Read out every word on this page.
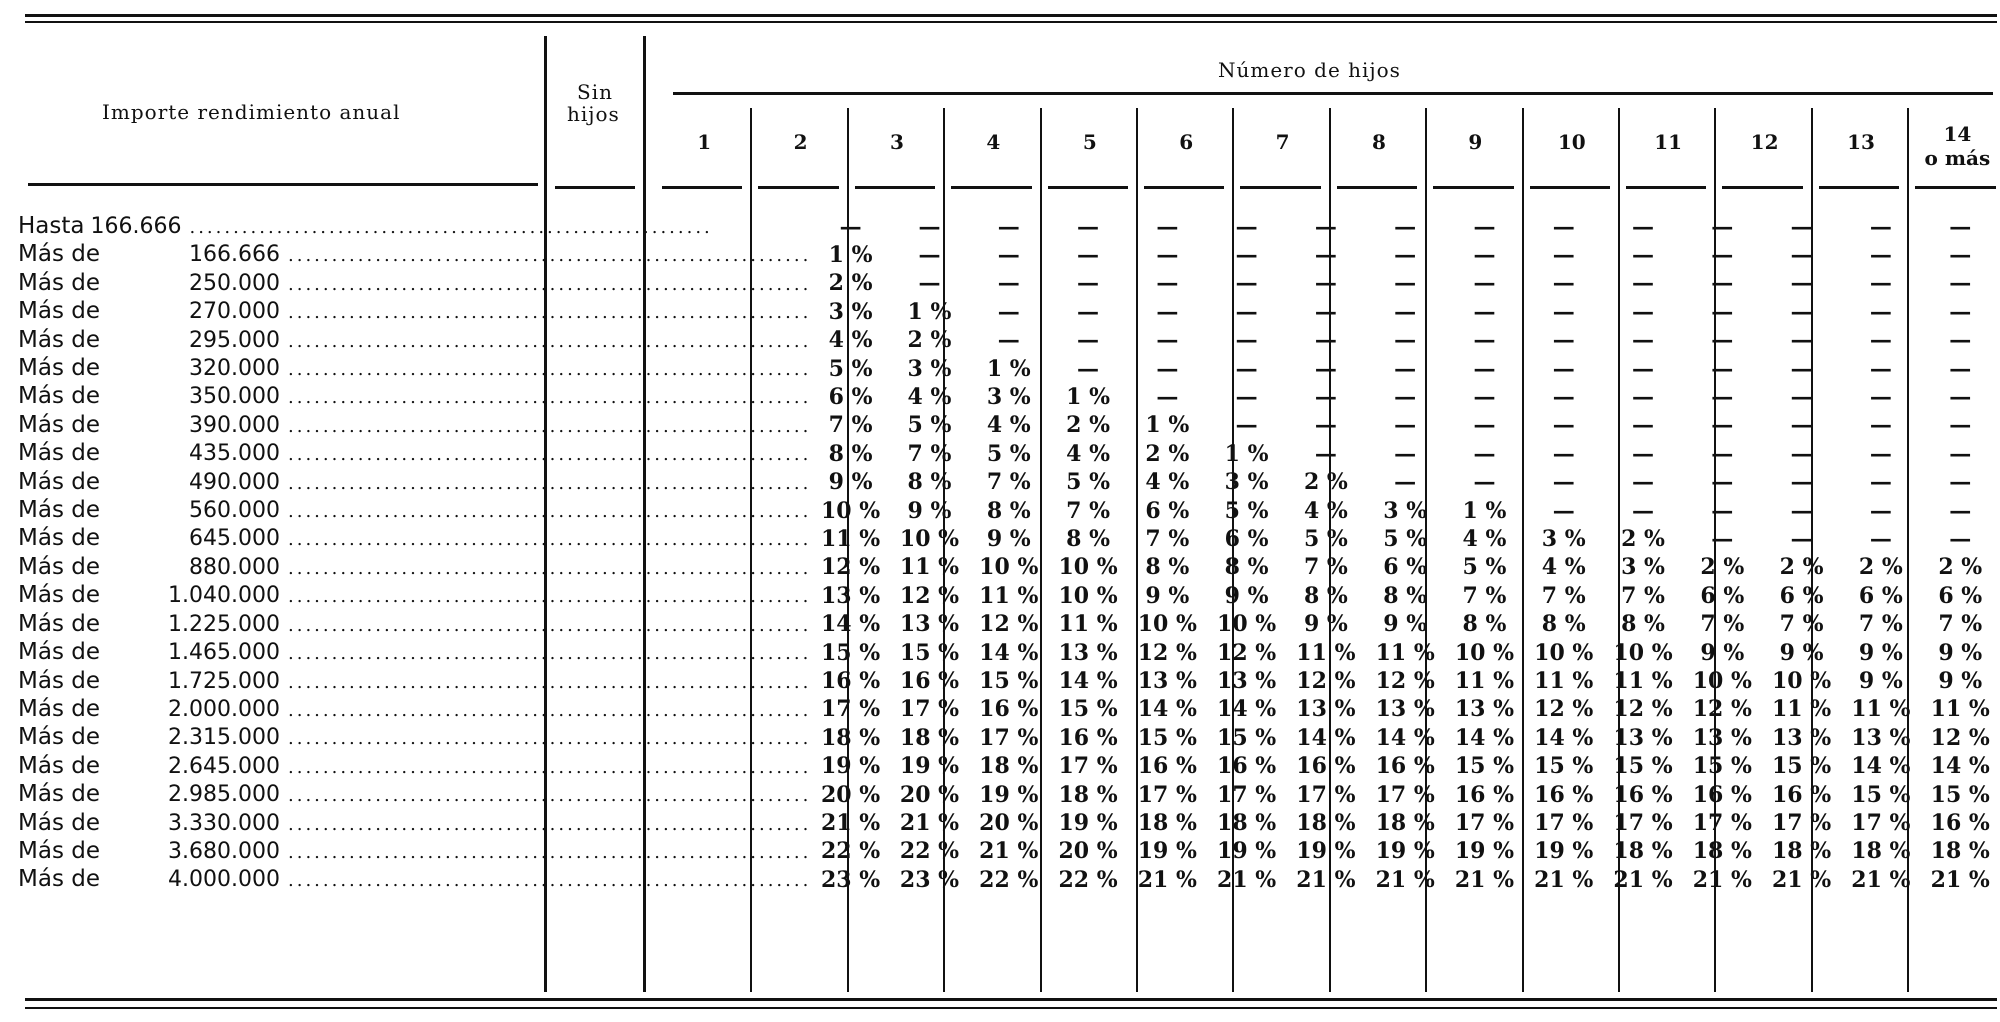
Importe rendimiento anual
Sin
hijos
Número de hijos
1	2	3	4	5	6	7	8	9	10	11	12	13	14
o más
Hasta 166.666 ............................................................	—	—	—	—	—	—	—	—	—	—	—	—	—	—	—

Más de 166.666 ............................................................	1 %	—	—	—	—	—	—	—	—	—	—	—	—	—	—

Más de 250.000 ............................................................	2 %	—	—	—	—	—	—	—	—	—	—	—	—	—	—

Más de 270.000 ............................................................	3 %	1 %	—	—	—	—	—	—	—	—	—	—	—	—	—

Más de 295.000 ............................................................	4 %	2 %	—	—	—	—	—	—	—	—	—	—	—	—	—

Más de 320.000 ............................................................	5 %	3 %	1 %	—	—	—	—	—	—	—	—	—	—	—	—

Más de 350.000 ............................................................	6 %	4 %	3 %	1 %	—	—	—	—	—	—	—	—	—	—	—

Más de 390.000 ............................................................	7 %	5 %	4 %	2 %	1 %	—	—	—	—	—	—	—	—	—	—

Más de 435.000 ............................................................	8 %	7 %	5 %	4 %	2 %	1 %	—	—	—	—	—	—	—	—	—

Más de 490.000 ............................................................	9 %	8 %	7 %	5 %	4 %	3 %	2 %	—	—	—	—	—	—	—	—

Más de 560.000 ............................................................	10 %	9 %	8 %	7 %	6 %	5 %	4 %	3 %	1 %	—	—	—	—	—	—

Más de 645.000 ............................................................	11 %	10 %	9 %	8 %	7 %	6 %	5 %	5 %	4 %	3 %	2 %	—	—	—	—

Más de 880.000 ............................................................	12 %	11 %	10 %	10 %	8 %	8 %	7 %	6 %	5 %	4 %	3 %	2 %	2 %	2 %	2 %

Más de 1.040.000 ............................................................	13 %	12 %	11 %	10 %	9 %	9 %	8 %	8 %	7 %	7 %	7 %	6 %	6 %	6 %	6 %

Más de 1.225.000 ............................................................	14 %	13 %	12 %	11 %	10 %	10 %	9 %	9 %	8 %	8 %	8 %	7 %	7 %	7 %	7 %

Más de 1.465.000 ............................................................	15 %	15 %	14 %	13 %	12 %	12 %	11 %	11 %	10 %	10 %	10 %	9 %	9 %	9 %	9 %

Más de 1.725.000 ............................................................	16 %	16 %	15 %	14 %	13 %	13 %	12 %	12 %	11 %	11 %	11 %	10 %	10 %	9 %	9 %

Más de 2.000.000 ............................................................	17 %	17 %	16 %	15 %	14 %	14 %	13 %	13 %	13 %	12 %	12 %	12 %	11 %	11 %	11 %

Más de 2.315.000 ............................................................	18 %	18 %	17 %	16 %	15 %	15 %	14 %	14 %	14 %	14 %	13 %	13 %	13 %	13 %	12 %

Más de 2.645.000 ............................................................	19 %	19 %	18 %	17 %	16 %	16 %	16 %	16 %	15 %	15 %	15 %	15 %	15 %	14 %	14 %

Más de 2.985.000 ............................................................	20 %	20 %	19 %	18 %	17 %	17 %	17 %	17 %	16 %	16 %	16 %	16 %	16 %	15 %	15 %

Más de 3.330.000 ............................................................	21 %	21 %	20 %	19 %	18 %	18 %	18 %	18 %	17 %	17 %	17 %	17 %	17 %	17 %	16 %

Más de 3.680.000 ............................................................	22 %	22 %	21 %	20 %	19 %	19 %	19 %	19 %	19 %	19 %	18 %	18 %	18 %	18 %	18 %

Más de 4.000.000 ............................................................	23 %	23 %	22 %	22 %	21 %	21 %	21 %	21 %	21 %	21 %	21 %	21 %	21 %	21 %	21 %
